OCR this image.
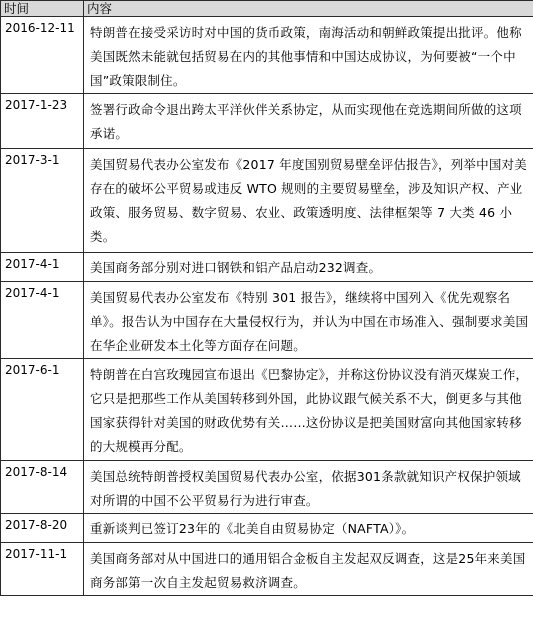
时间	内容
2016-12-11	特朗普在接受采访时对中国的货币政策，南海活动和朝鲜政策提出批评。他称美国既然未能就包括贸易在内的其他事情和中国达成协议，为何要被“一个中国”政策限制住。
2017-1-23	签署行政命令退出跨太平洋伙伴关系协定，从而实现他在竞选期间所做的这项承诺。
2017-3-1	美国贸易代表办公室发布《2017 年度国别贸易壁垒评估报告》，列举中国对美存在的破坏公平贸易或违反 WTO 规则的主要贸易壁垒，涉及知识产权、产业政策、服务贸易、数字贸易、农业、政策透明度、法律框架等 7 大类 46 小类。
2017-4-1	美国商务部分别对进口钢铁和铝产品启动232调查。
2017-4-1	美国贸易代表办公室发布《特别 301 报告》，继续将中国列入《优先观察名单》。报告认为中国存在大量侵权行为，并认为中国在市场准入、强制要求美国在华企业研发本土化等方面存在问题。
2017-6-1	特朗普在白宫玫瑰园宣布退出《巴黎协定》，并称这份协议没有消灭煤炭工作，它只是把那些工作从美国转移到外国，此协议跟气候关系不大，倒更多与其他国家获得针对美国的财政优势有关……这份协议是把美国财富向其他国家转移的大规模再分配。
2017-8-14	美国总统特朗普授权美国贸易代表办公室，依据301条款就知识产权保护领域对所谓的中国不公平贸易行为进行审查。
2017-8-20	重新谈判已签订23年的《北美自由贸易协定（NAFTA）》。
2017-11-1	美国商务部对从中国进口的通用铝合金板自主发起双反调查，这是25年来美国商务部第一次自主发起贸易救济调查。
